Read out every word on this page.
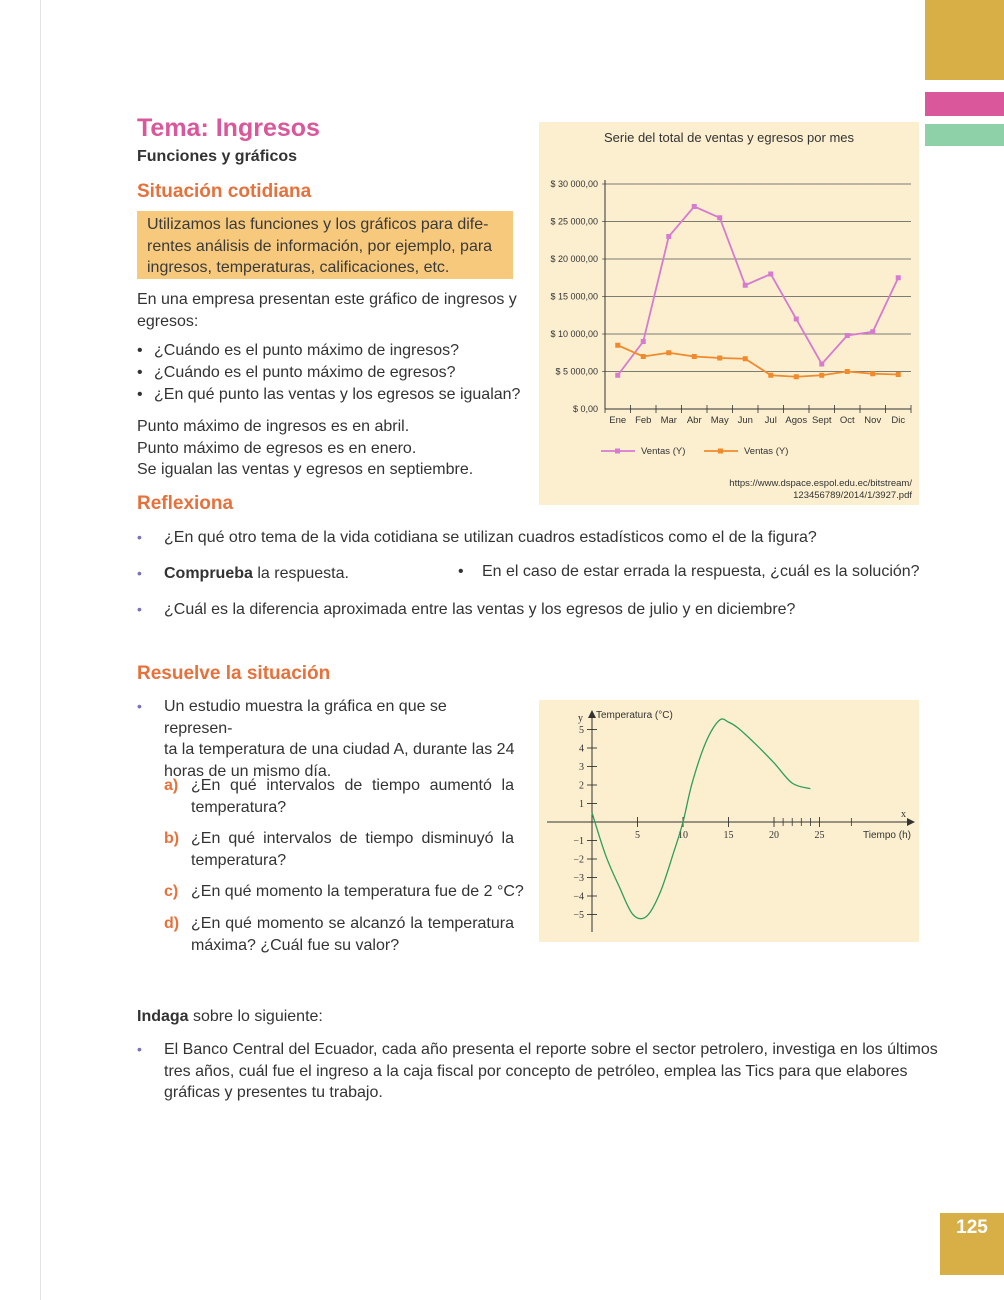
Tema: Ingresos
Funciones y gráficos
Situación cotidiana
Utilizamos las funciones y los gráficos para dife-
rentes análisis de información, por ejemplo, para
ingresos, temperaturas, calificaciones, etc.
En una empresa presentan este gráfico de ingresos y
egresos:
• ¿Cuándo es el punto máximo de ingresos?
• ¿Cuándo es el punto máximo de egresos?
• ¿En qué punto las ventas y los egresos se igualan?
Punto máximo de ingresos es en abril.
Punto máximo de egresos es en enero.
Se igualan las ventas y egresos en septiembre.
Reflexiona
• ¿En qué otro tema de la vida cotidiana se utilizan cuadros estadísticos como el de la figura?
• Comprueba la respuesta.	• En el caso de estar errada la respuesta, ¿cuál es la solución?
• ¿Cuál es la diferencia aproximada entre las ventas y los egresos de julio y en diciembre?
Resuelve la situación
• Un estudio muestra la gráfica en que se represen-
ta la temperatura de una ciudad A, durante las 24
horas de un mismo día.
a) ¿En qué intervalos de tiempo aumentó la temperatura?
b) ¿En qué intervalos de tiempo disminuyó la temperatura?
c) ¿En qué momento la temperatura fue de 2 °C?
d) ¿En qué momento se alcanzó la temperatura máxima? ¿Cuál fue su valor?
Indaga sobre lo siguiente:
• El Banco Central del Ecuador, cada año presenta el reporte sobre el sector petrolero, investiga en los últimos
tres años, cuál fue el ingreso a la caja fiscal por concepto de petróleo, emplea las Tics para que elabores
gráficas y presentes tu trabajo.
125
Serie del total de ventas y egresos por mes
$ 0,00
$ 5 000,00
$ 10 000,00
$ 15 000,00
$ 20 000,00
$ 25 000,00
$ 30 000,00
Ene Feb Mar Abr May Jun Jul Agos Sept Oct Nov Dic
Ventas (Y)	Ventas (Y)
https://www.dspace.espol.edu.ec/bitstream/
123456789/2014/1/3927.pdf
y Temperatura (°C)
x
Tiempo (h)
5
4
3
2
1
−1
−2
−3
−4
−5
5	10	15	20	25
